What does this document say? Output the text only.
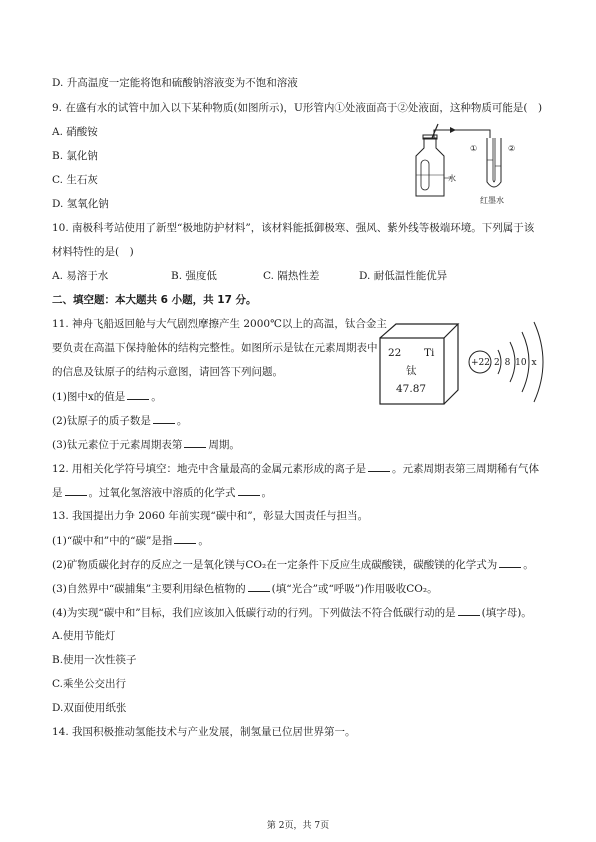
D. 升高温度一定能将饱和硫酸钠溶液变为不饱和溶液
9. 在盛有水的试管中加入以下某种物质(如图所示)，U形管内①处液面高于②处液面，这种物质可能是(　)
A. 硝酸铵
B. 氯化钠
C. 生石灰
D. 氢氧化钠
10. 南极科考站使用了新型“极地防护材料”，该材料能抵御极寒、强风、紫外线等极端环境。下列属于该
材料特性的是(　)
A. 易溶于水	B. 强度低	C. 隔热性差	D. 耐低温性能优异
二、填空题：本大题共 6 小题，共 17 分。
11. 神舟飞船返回舱与大气剧烈摩擦产生 2000℃以上的高温，钛合金主
要负责在高温下保持舱体的结构完整性。如图所示是钛在元素周期表中
的信息及钛原子的结构示意图，请回答下列问题。
(1)图中x的值是 。
(2)钛原子的质子数是 。
(3)钛元素位于元素周期表第 周期。
12. 用相关化学符号填空：地壳中含量最高的金属元素形成的离子是 。元素周期表第三周期稀有气体
是 。过氧化氢溶液中溶质的化学式 。
13. 我国提出力争 2060 年前实现“碳中和”，彰显大国责任与担当。
(1)“碳中和”中的“碳”是指 。
(2)矿物质碳化封存的反应之一是氧化镁与CO₂在一定条件下反应生成碳酸镁，碳酸镁的化学式为 。
(3)自然界中“碳捕集”主要利用绿色植物的 (填“光合”或“呼吸”)作用吸收CO₂。
(4)为实现“碳中和”目标，我们应该加入低碳行动的行列。下列做法不符合低碳行动的是 (填字母)。
A.使用节能灯
B.使用一次性筷子
C.乘坐公交出行
D.双面使用纸张
14. 我国积极推动氢能技术与产业发展，制氢量已位居世界第一。
水
红墨水
①	②
22 Ti
钛
47.87
+22 2 8 10 x
第 2页，共 7页
